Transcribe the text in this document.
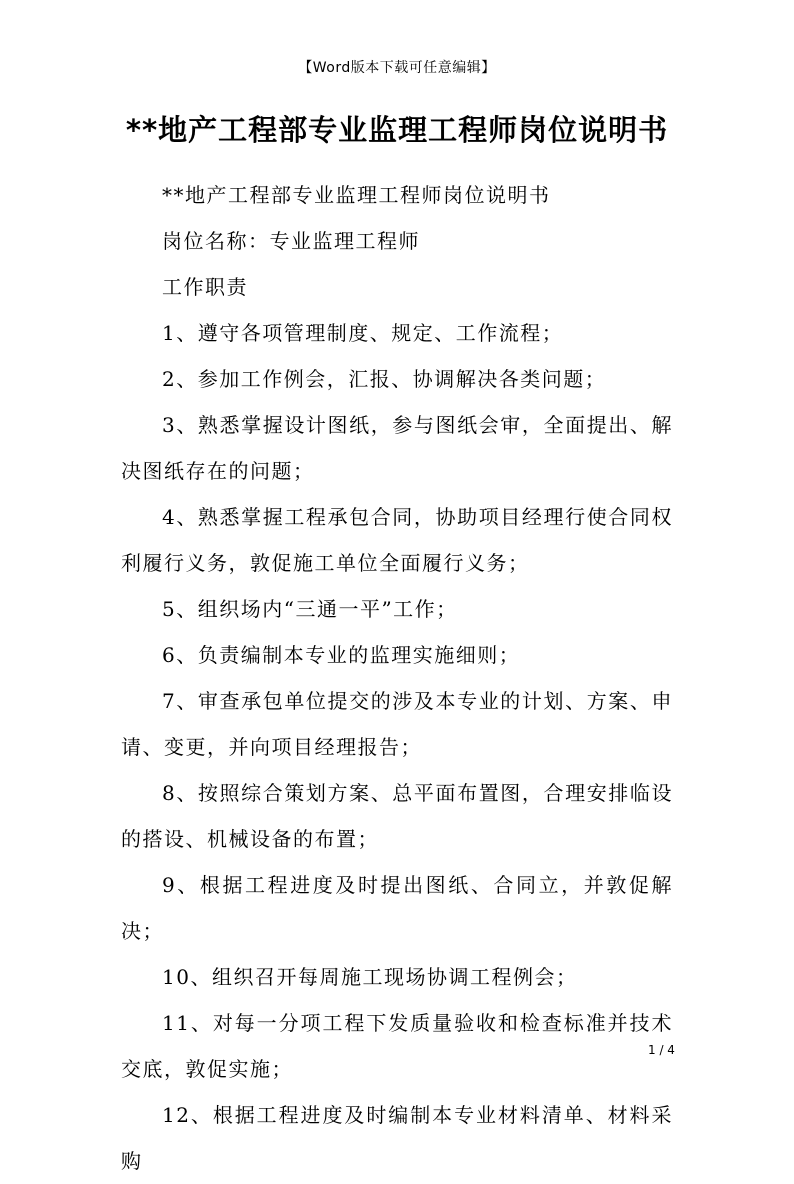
【Word版本下载可任意编辑】
**地产工程部专业监理工程师岗位说明书

**地产工程部专业监理工程师岗位说明书

岗位名称：专业监理工程师

工作职责

1、遵守各项管理制度、规定、工作流程；

2、参加工作例会，汇报、协调解决各类问题；

3、熟悉掌握设计图纸，参与图纸会审，全面提出、解决图纸存在的问题；

4、熟悉掌握工程承包合同，协助项目经理行使合同权利履行义务，敦促施工单位全面履行义务；

5、组织场内“三通一平”工作；

6、负责编制本专业的监理实施细则；

7、审查承包单位提交的涉及本专业的计划、方案、申请、变更，并向项目经理报告；

8、按照综合策划方案、总平面布置图，合理安排临设的搭设、机械设备的布置；

9、根据工程进度及时提出图纸、合同立，并敦促解决；

10、组织召开每周施工现场协调工程例会；

11、对每一分项工程下发质量验收和检查标准并技术交底，敦促实施；

12、根据工程进度及时编制本专业材料清单、材料采购

1 / 4
